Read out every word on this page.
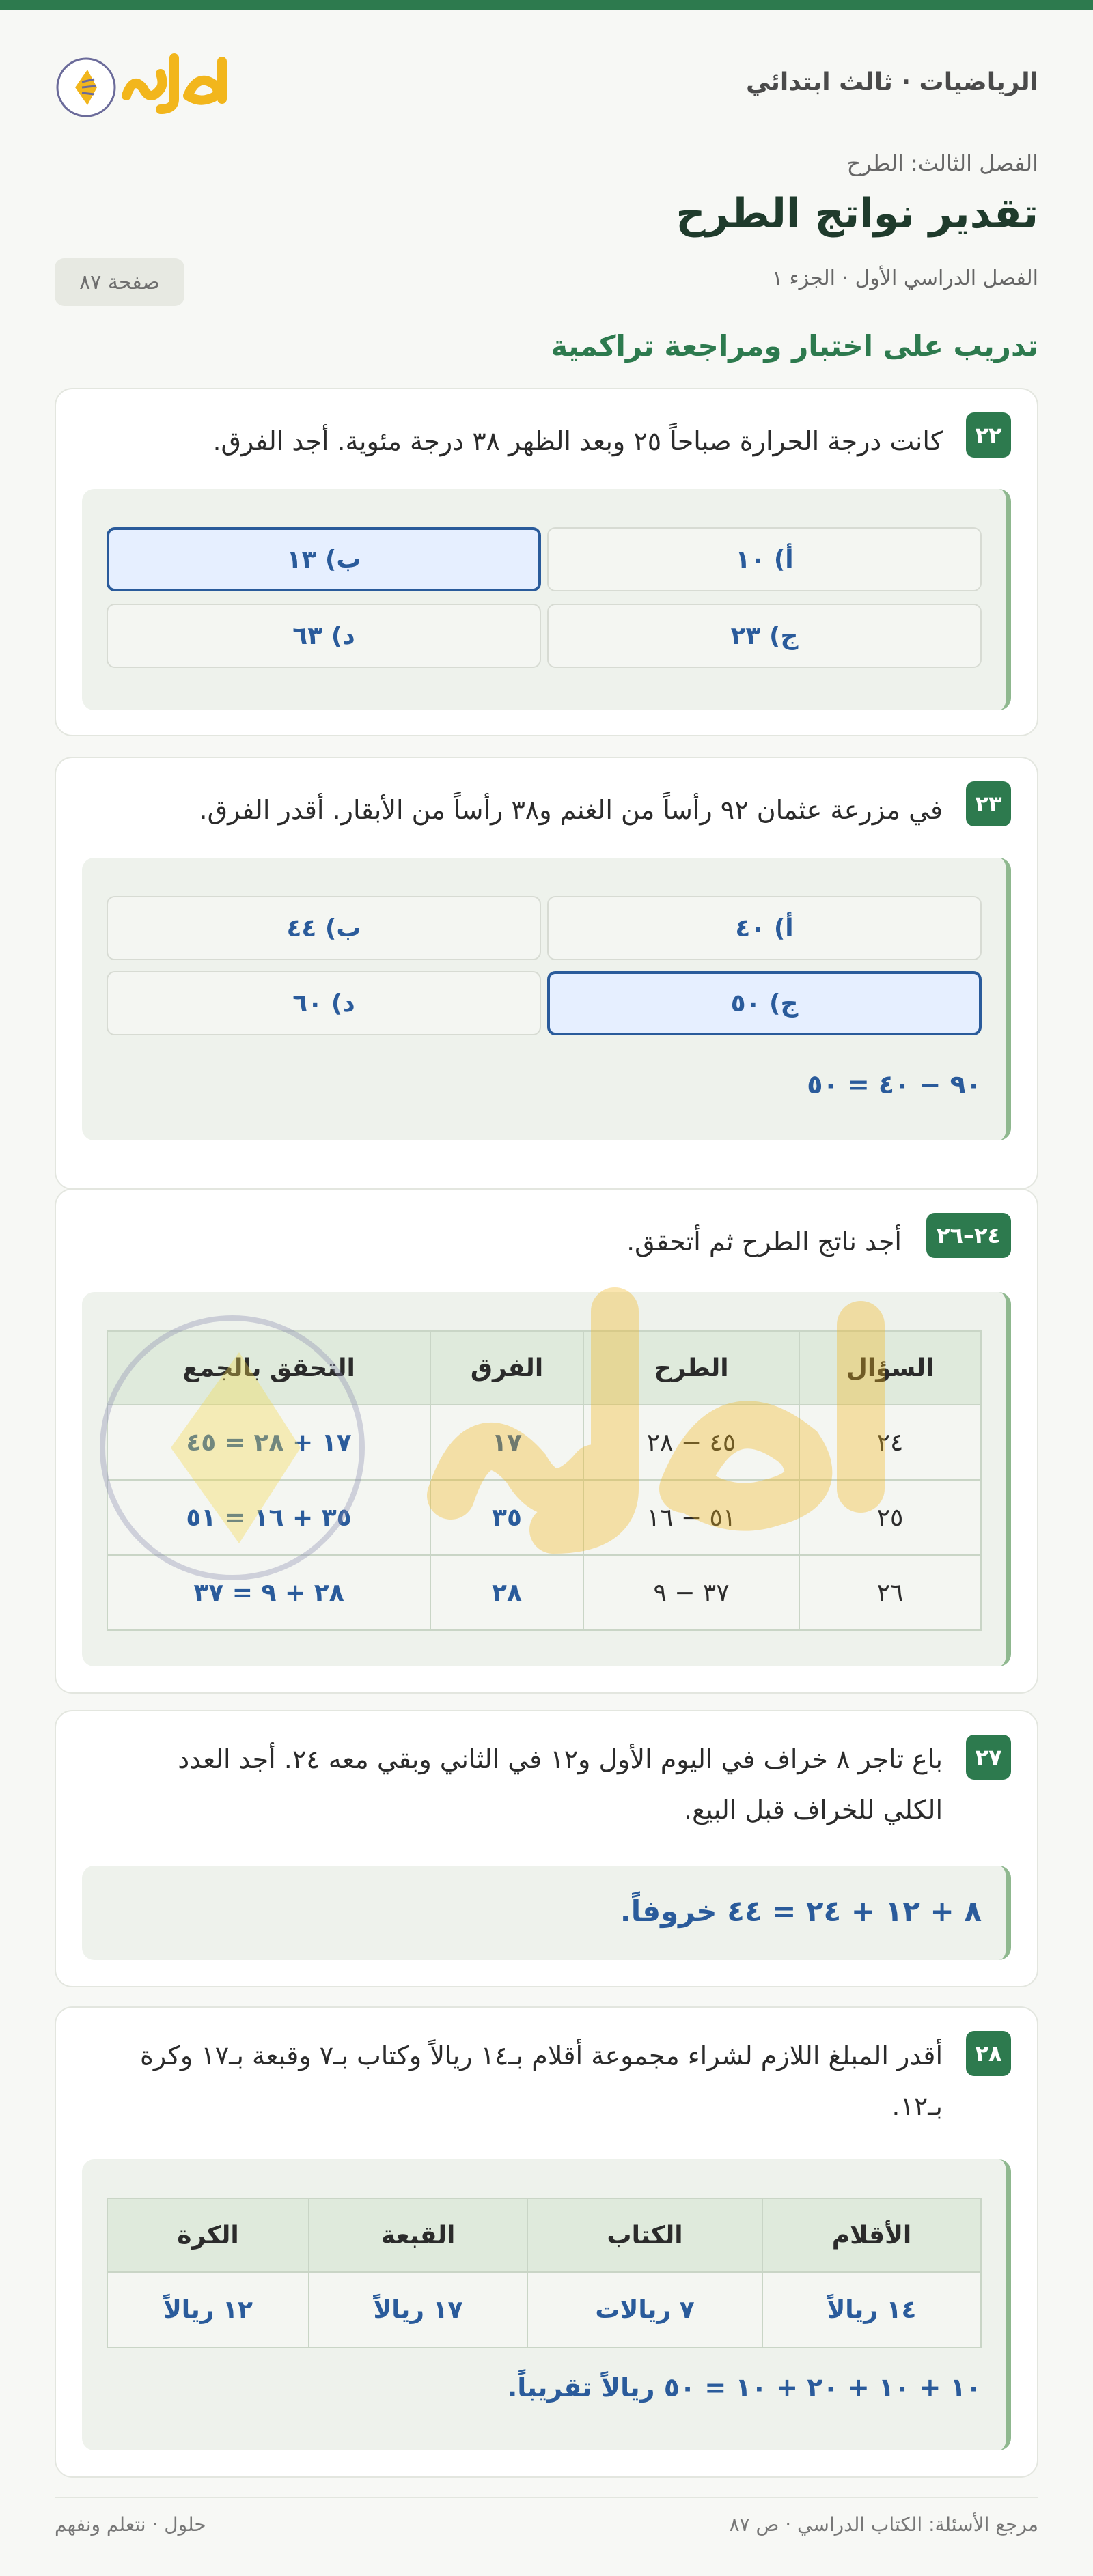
الرياضيات · ثالث ابتدائي
الفصل الثالث: الطرح
تقدير نواتج الطرح
الفصل الدراسي الأول · الجزء ١
صفحة ٨٧
تدريب على اختبار ومراجعة تراكمية
٢٢
كانت درجة الحرارة صباحاً ٢٥ وبعد الظهر ٣٨ درجة مئوية. أجد الفرق.
أ) ١٠
ب) ١٣
ج) ٢٣
د) ٦٣
٢٣
في مزرعة عثمان ٩٢ رأساً من الغنم و٣٨ رأساً من الأبقار. أقدر الفرق.
أ) ٤٠
ب) ٤٤
ج) ٥٠
د) ٦٠
٩٠ − ٤٠ = ٥٠
٢٤–٢٦
أجد ناتج الطرح ثم أتحقق.
السؤال	الطرح	الفرق	التحقق بالجمع
٢٤	٤٥ − ٢٨	١٧	١٧ + ٢٨ = ٤٥
٢٥	٥١ − ١٦	٣٥	٣٥ + ١٦ = ٥١
٢٦	٣٧ − ٩	٢٨	٢٨ + ٩ = ٣٧
٢٧
باع تاجر ٨ خراف في اليوم الأول و١٢ في الثاني وبقي معه ٢٤. أجد العدد
الكلي للخراف قبل البيع.
٨ + ١٢ + ٢٤ = ٤٤ خروفاً.
٢٨
أقدر المبلغ اللازم لشراء مجموعة أقلام بـ١٤ ريالاً وكتاب بـ٧ وقبعة بـ١٧ وكرة
بـ١٢.
الأقلام	الكتاب	القبعة	الكرة
١٤ ريالاً	٧ ريالات	١٧ ريالاً	١٢ ريالاً
١٠ + ١٠ + ٢٠ + ١٠ = ٥٠ ريالاً تقريباً.
مرجع الأسئلة: الكتاب الدراسي · ص ٨٧
حلول · نتعلم ونفهم
